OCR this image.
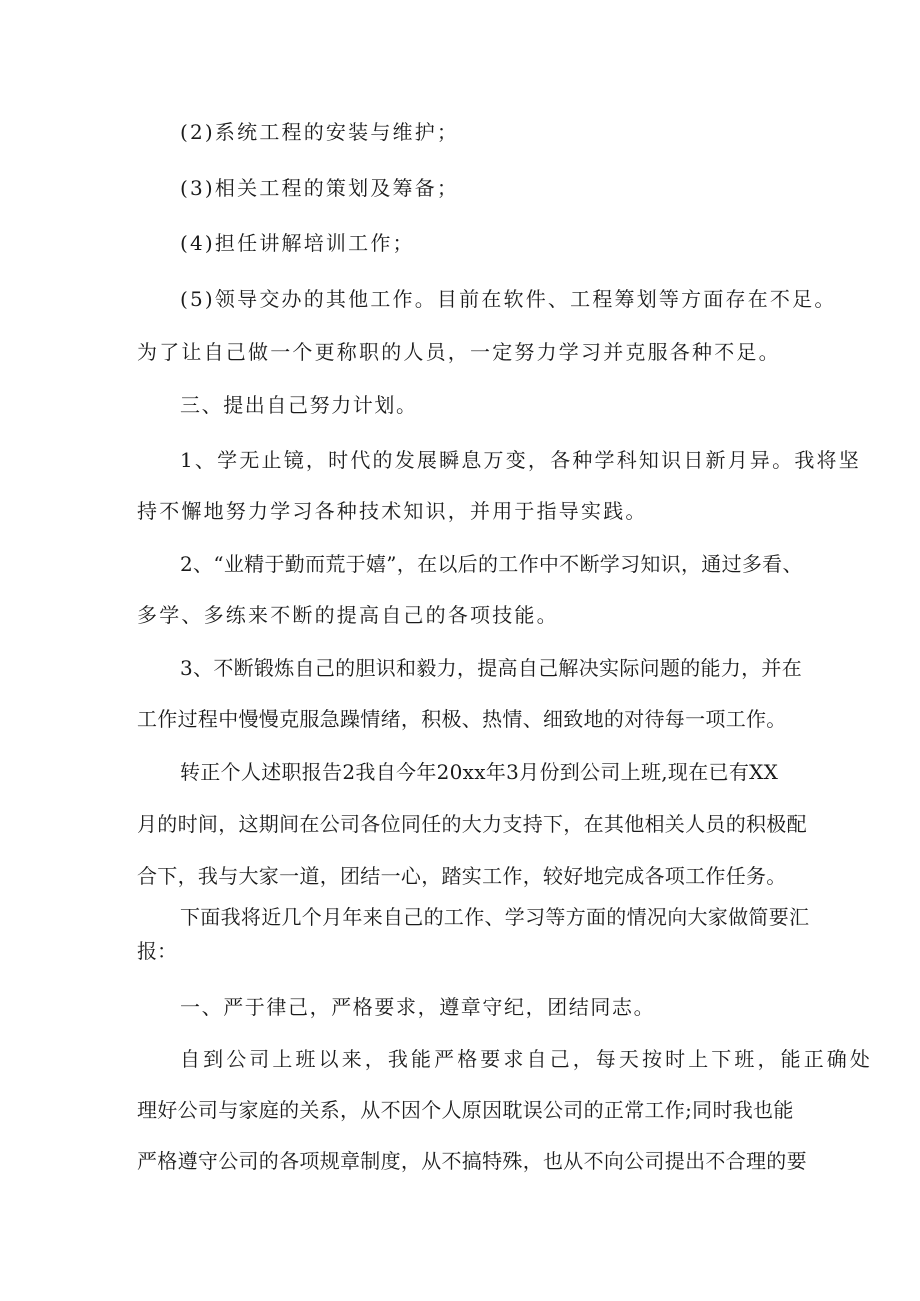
(2)系统工程的安装与维护；
(3)相关工程的策划及筹备；
(4)担任讲解培训工作；
(5)领导交办的其他工作。目前在软件、工程筹划等方面存在不足。
为了让自己做一个更称职的人员，一定努力学习并克服各种不足。
三、提出自己努力计划。
1、学无止镜，时代的发展瞬息万变，各种学科知识日新月异。我将坚
持不懈地努力学习各种技术知识，并用于指导实践。
2、“业精于勤而荒于嬉”，在以后的工作中不断学习知识，通过多看、
多学、多练来不断的提高自己的各项技能。
3、不断锻炼自己的胆识和毅力，提高自己解决实际问题的能力，并在
工作过程中慢慢克服急躁情绪，积极、热情、细致地的对待每一项工作。
转正个人述职报告2我自今年20xx年3月份到公司上班,现在已有XX
月的时间，这期间在公司各位同任的大力支持下，在其他相关人员的积极配
合下，我与大家一道，团结一心，踏实工作，较好地完成各项工作任务。
下面我将近几个月年来自己的工作、学习等方面的情况向大家做简要汇
报：
一、严于律己，严格要求，遵章守纪，团结同志。
自到公司上班以来，我能严格要求自己，每天按时上下班，能正确处
理好公司与家庭的关系，从不因个人原因耽误公司的正常工作;同时我也能
严格遵守公司的各项规章制度，从不搞特殊，也从不向公司提出不合理的要
